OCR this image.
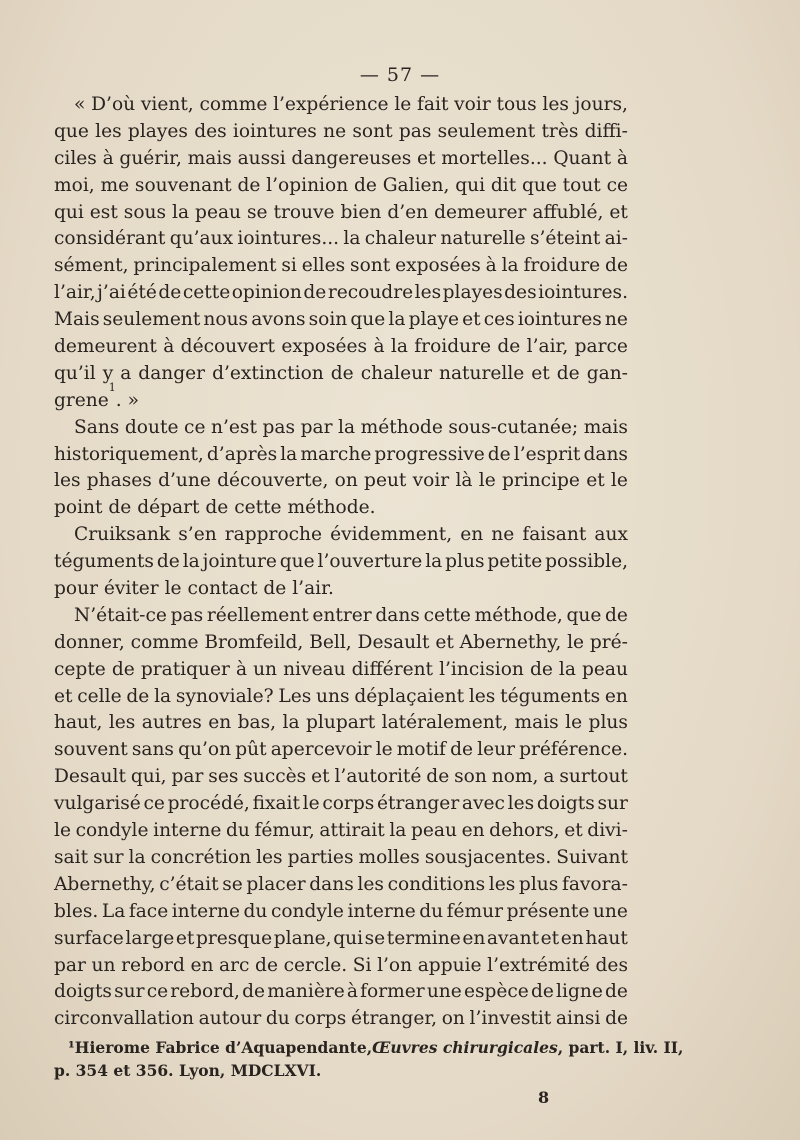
— 57 —
« D’où vient, comme l’expérience le fait voir tous les jours,
que les playes des iointures ne sont pas seulement très diffi-
ciles à guérir, mais aussi dangereuses et mortelles... Quant à
moi, me souvenant de l’opinion de Galien, qui dit que tout ce
qui est sous la peau se trouve bien d’en demeurer affublé, et
considérant qu’aux iointures... la chaleur naturelle s’éteint ai-
sément, principalement si elles sont exposées à la froidure de
l’air, j’ai été de cette opinion de recoudre les playes des iointures.
Mais seulement nous avons soin que la playe et ces iointures ne
demeurent à découvert exposées à la froidure de l’air, parce
qu’il y a danger d’extinction de chaleur naturelle et de gan-
grene
1
. »
Sans doute ce n’est pas par la méthode sous-cutanée; mais
historiquement, d’après la marche progressive de l’esprit dans
les phases d’une découverte, on peut voir là le principe et le
point de départ de cette méthode.
Cruiksank s’en rapproche évidemment, en ne faisant aux
téguments de la jointure que l’ouverture la plus petite possible,
pour éviter le contact de l’air.
N’était-ce pas réellement entrer dans cette méthode, que de
donner, comme Bromfeild, Bell, Desault et Abernethy, le pré-
cepte de pratiquer à un niveau différent l’incision de la peau
et celle de la synoviale? Les uns déplaçaient les téguments en
haut, les autres en bas, la plupart latéralement, mais le plus
souvent sans qu’on pût apercevoir le motif de leur préférence.
Desault qui, par ses succès et l’autorité de son nom, a surtout
vulgarisé ce procédé, fixait le corps étranger avec les doigts sur
le condyle interne du fémur, attirait la peau en dehors, et divi-
sait sur la concrétion les parties molles sousjacentes. Suivant
Abernethy, c’était se placer dans les conditions les plus favora-
bles. La face interne du condyle interne du fémur présente une
surface large et presque plane, qui se termine en avant et en haut
par un rebord en arc de cercle. Si l’on appuie l’extrémité des
doigts sur ce rebord, de manière à former une espèce de ligne de
circonvallation autour du corps étranger, on l’investit ainsi de
¹ Hierome Fabrice d’Aquapendante, Œuvres chirurgicales, part. I, liv. II,
p. 354 et 356. Lyon, MDCLXVI.
8
